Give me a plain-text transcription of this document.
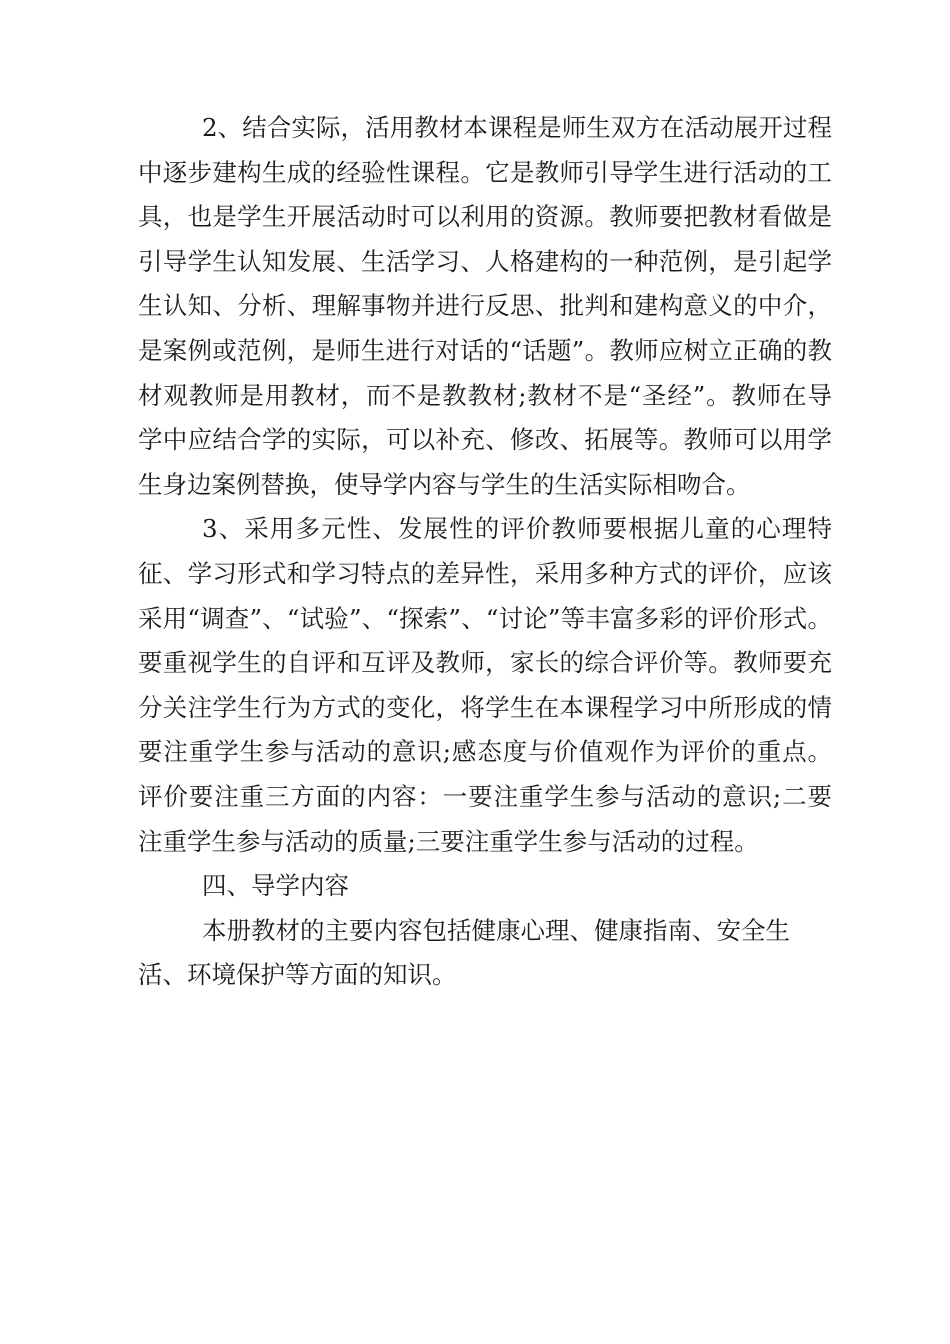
2、结合实际，活用教材本课程是师生双方在活动展开过程中逐步建构生成的经验性课程。它是教师引导学生进行活动的工具，也是学生开展活动时可以利用的资源。教师要把教材看做是引导学生认知发展、生活学习、人格建构的一种范例，是引起学生认知、分析、理解事物并进行反思、批判和建构意义的中介，是案例或范例，是师生进行对话的“话题”。教师应树立正确的教材观教师是用教材，而不是教教材;教材不是“圣经”。教师在导学中应结合学的实际，可以补充、修改、拓展等。教师可以用学生身边案例替换，使导学内容与学生的生活实际相吻合。

3、采用多元性、发展性的评价教师要根据儿童的心理特征、学习形式和学习特点的差异性，采用多种方式的评价，应该采用“调查”、“试验”、“探索”、“讨论”等丰富多彩的评价形式。要重视学生的自评和互评及教师，家长的综合评价等。教师要充分关注学生行为方式的变化，将学生在本课程学习中所形成的情要注重学生参与活动的意识;感态度与价值观作为评价的重点。评价要注重三方面的内容：一要注重学生参与活动的意识;二要注重学生参与活动的质量;三要注重学生参与活动的过程。

四、导学内容

本册教材的主要内容包括健康心理、健康指南、安全生活、环境保护等方面的知识。
